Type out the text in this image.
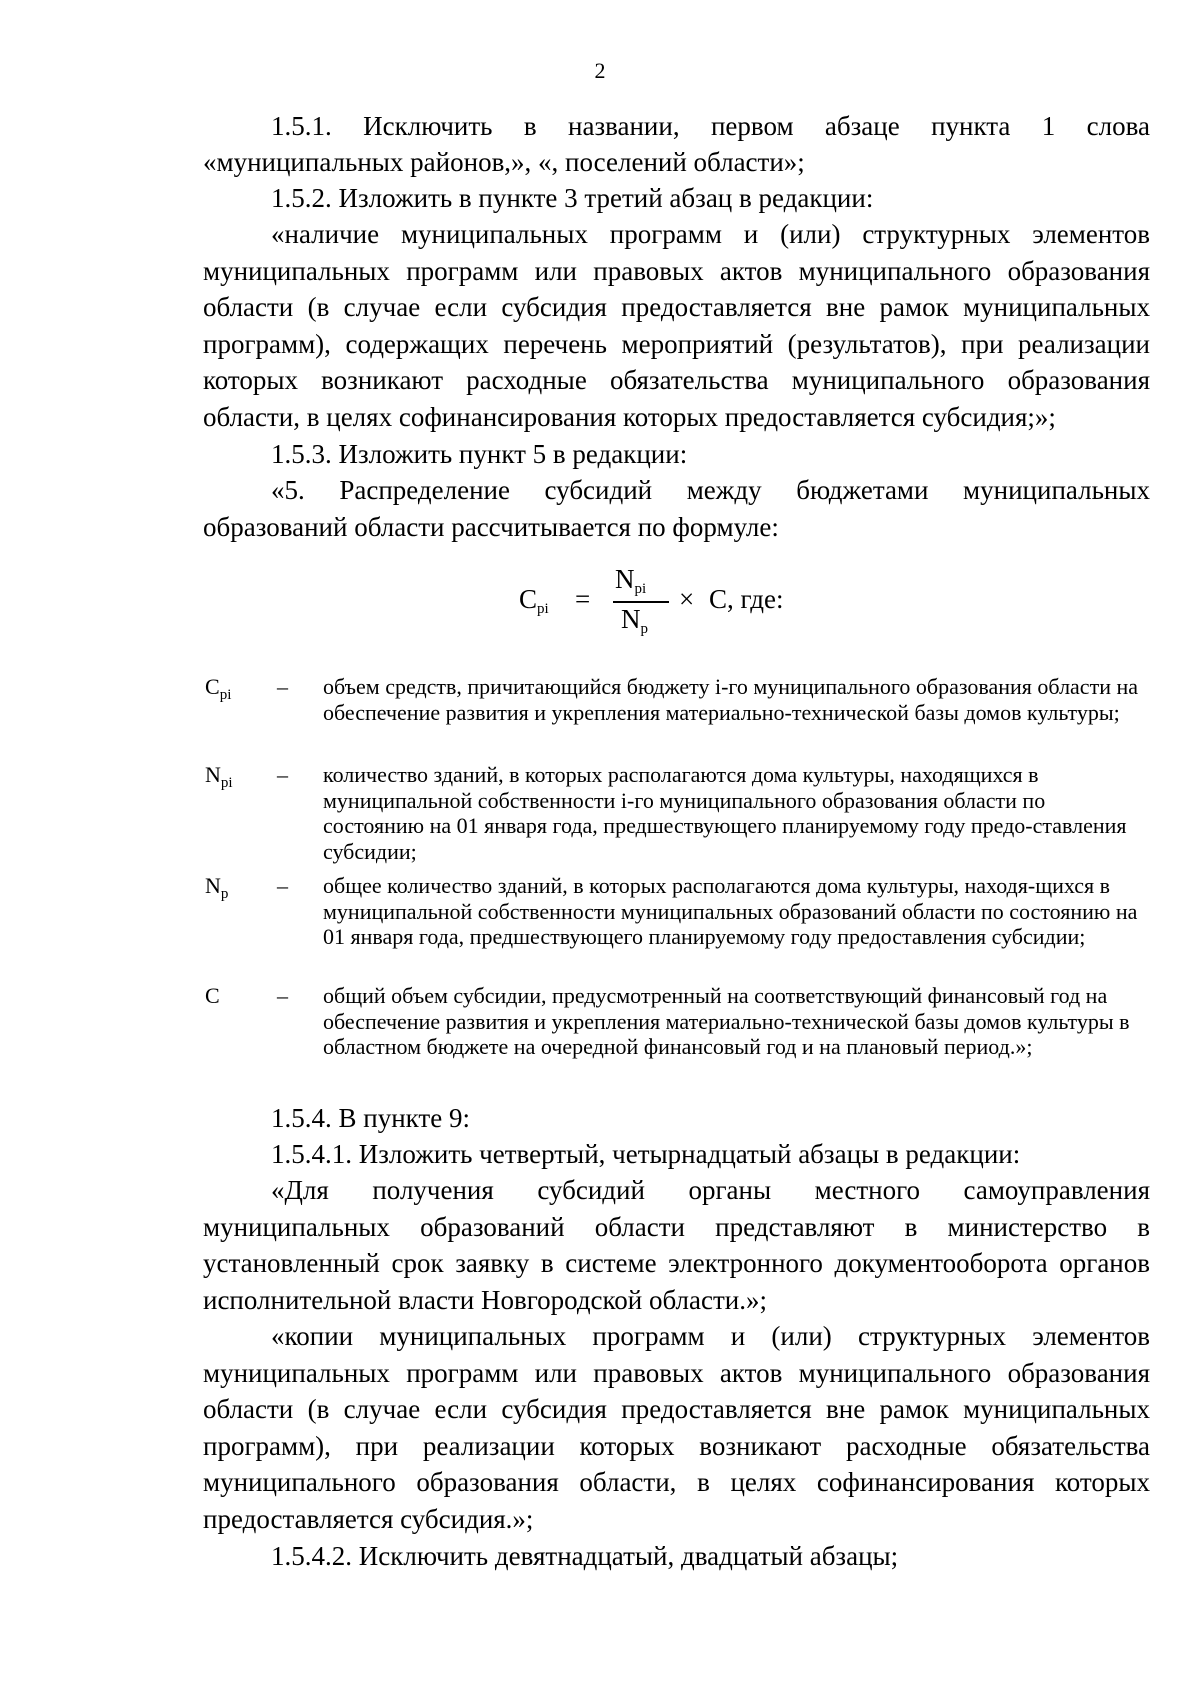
2

1.5.1. Исключить в названии, первом абзаце пункта 1 слова

«муниципальных районов,», «, поселений области»;

1.5.2. Изложить в пункте 3 третий абзац в редакции:

«наличие муниципальных программ и (или) структурных элементов муниципальных программ или правовых актов муниципального образования области (в случае если субсидия предоставляется вне рамок муниципальных программ), содержащих перечень мероприятий (результатов), при реализации которых возникают расходные обязательства муниципального образования области, в целях софинансирования которых предоставляется субсидия;»;

1.5.3. Изложить пункт 5 в редакции:

«5. Распределение субсидий между бюджетами муниципальных образований области рассчитывается по формуле:

$C_{pi}$ =
$N_{pi}$
$N_p$
× C, где:
$C_{pi}$ – объем средств, причитающийся бюджету i-го муниципального образования области на обеспечение развития и укрепления материально-технической базы домов культуры;

$N_{pi}$ – количество зданий, в которых располагаются дома культуры, находящихся в муниципальной собственности i-го муниципального образования области по состоянию на 01 января года, предшествующего планируемому году предо-ставления субсидии;

$N_p$ – общее количество зданий, в которых располагаются дома культуры, находя-щихся в муниципальной собственности муниципальных образований области по состоянию на 01 января года, предшествующего планируемому году предоставления субсидии;

C	– общий объем субсидии, предусмотренный на соответствующий финансовый год на обеспечение развития и укрепления материально-технической базы домов культуры в областном бюджете на очередной финансовый год и на плановый период.»;

1.5.4. В пункте 9:

1.5.4.1. Изложить четвертый, четырнадцатый абзацы в редакции:

«Для получения субсидий органы местного самоуправления муниципальных образований области представляют в министерство в установленный срок заявку в системе электронного документооборота органов исполнительной власти Новгородской области.»;

«копии муниципальных программ и (или) структурных элементов муниципальных программ или правовых актов муниципального образования области (в случае если субсидия предоставляется вне рамок муниципальных программ), при реализации которых возникают расходные обязательства муниципального образования области, в целях софинансирования которых предоставляется субсидия.»;

1.5.4.2. Исключить девятнадцатый, двадцатый абзацы;
